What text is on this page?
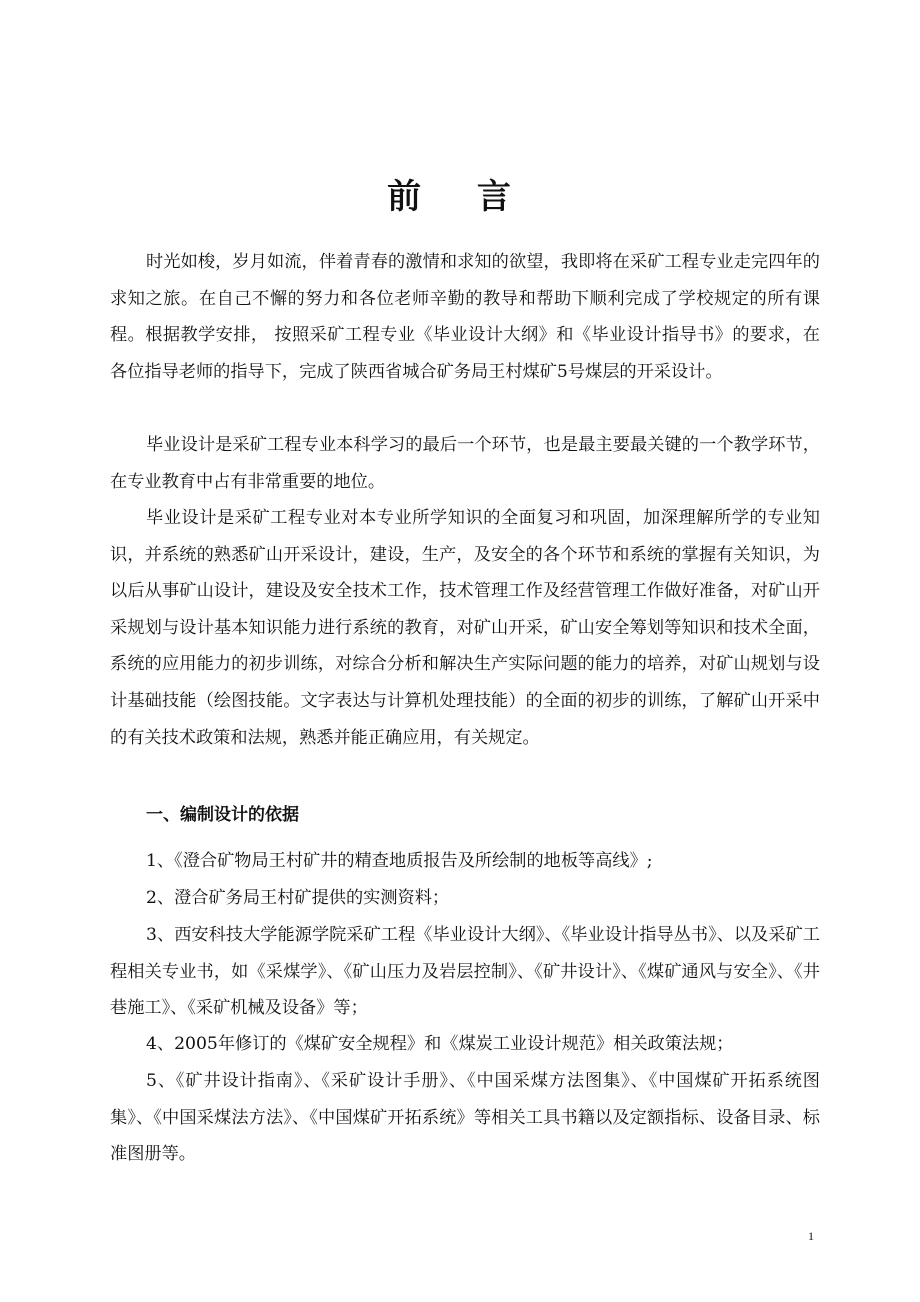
前 言

时光如梭，岁月如流，伴着青春的激情和求知的欲望，我即将在采矿工程专业走完四年的求知之旅。在自己不懈的努力和各位老师辛勤的教导和帮助下顺利完成了学校规定的所有课程。根据教学安排， 按照采矿工程专业《毕业设计大纲》和《毕业设计指导书》的要求，在各位指导老师的指导下，完成了陕西省城合矿务局王村煤矿5号煤层的开采设计。

毕业设计是采矿工程专业本科学习的最后一个环节，也是最主要最关键的一个教学环节，在专业教育中占有非常重要的地位。

毕业设计是采矿工程专业对本专业所学知识的全面复习和巩固，加深理解所学的专业知识，并系统的熟悉矿山开采设计，建设，生产，及安全的各个环节和系统的掌握有关知识，为以后从事矿山设计，建设及安全技术工作，技术管理工作及经营管理工作做好准备，对矿山开采规划与设计基本知识能力进行系统的教育，对矿山开采，矿山安全筹划等知识和技术全面，系统的应用能力的初步训练，对综合分析和解决生产实际问题的能力的培养，对矿山规划与设计基础技能（绘图技能。文字表达与计算机处理技能）的全面的初步的训练，了解矿山开采中的有关技术政策和法规，熟悉并能正确应用，有关规定。

一、编制设计的依据

1、《澄合矿物局王村矿井的精查地质报告及所绘制的地板等高线》;

2、澄合矿务局王村矿提供的实测资料；

3、西安科技大学能源学院采矿工程《毕业设计大纲》、《毕业设计指导丛书》、以及采矿工程相关专业书，如《采煤学》、《矿山压力及岩层控制》、《矿井设计》、《煤矿通风与安全》、《井巷施工》、《采矿机械及设备》等；

4、2005年修订的《煤矿安全规程》和《煤炭工业设计规范》相关政策法规；

5、《矿井设计指南》、《采矿设计手册》、《中国采煤方法图集》、《中国煤矿开拓系统图集》、《中国采煤法方法》、《中国煤矿开拓系统》等相关工具书籍以及定额指标、设备目录、标准图册等。

1
